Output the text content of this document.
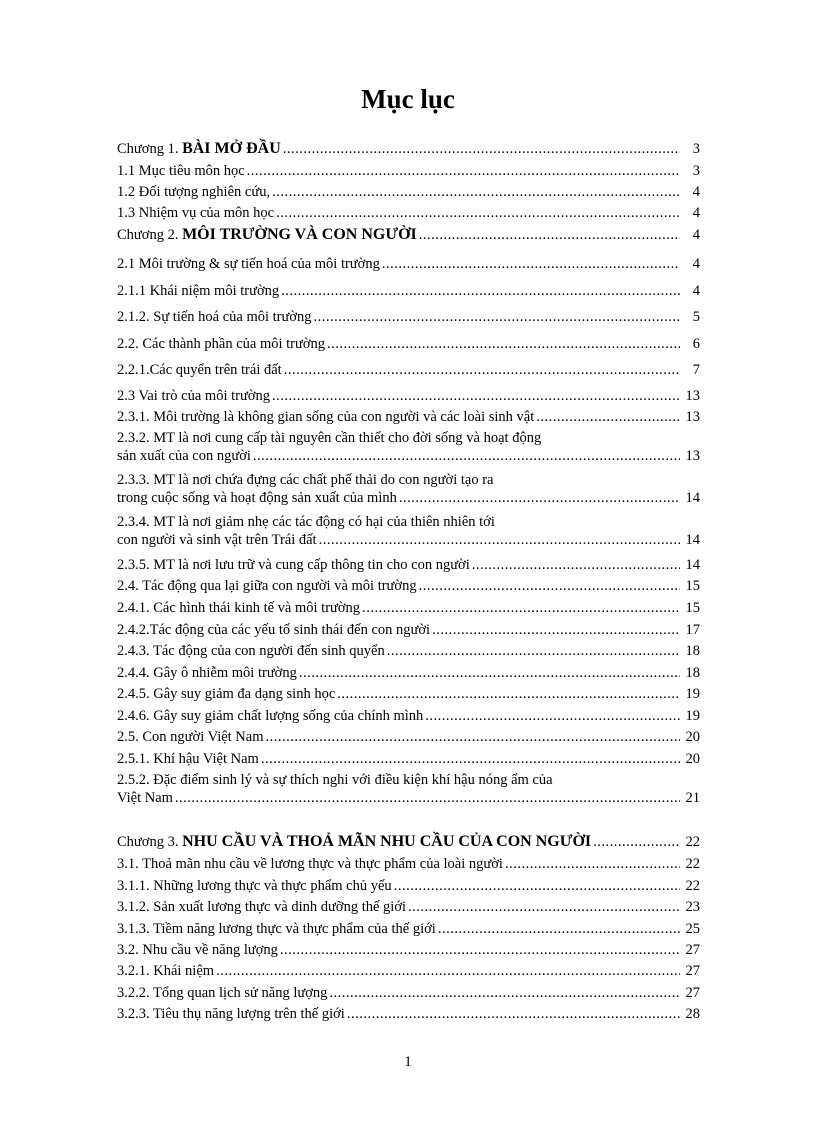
Mục lục
Chương 1. BÀI MỞ ĐẦU .....	3
1.1 Mục tiêu môn học .....	3
1.2 Đối tượng nghiên cứu, .....	4
1.3 Nhiệm vụ của môn học .....	4
Chương 2. MÔI TRƯỜNG VÀ CON NGƯỜI .....	4
2.1 Môi trường & sự tiến hoá của môi trường .....	4
2.1.1 Khái niệm môi trường .....	4
2.1.2. Sự tiến hoá của môi trường .....	5
2.2. Các thành phần của môi trường .....	6
2.2.1.Các quyển trên trái đất .....	7
2.3 Vai trò của môi trường .....	13
2.3.1. Môi trường là không gian sống của con người và các loài sinh vật .....	13
2.3.2. MT là nơi cung cấp tài nguyên cần thiết cho đời sống và hoạt động
sản xuất của con người .....	13
2.3.3. MT là nơi chứa đựng các chất phế thải do con người tạo ra
trong cuộc sống và hoạt động sản xuất của mình .....	14
2.3.4. MT là nơi giảm nhẹ các tác động có hại của thiên nhiên tới
con người và sinh vật trên Trái đất .....	14
2.3.5. MT là nơi lưu trữ và cung cấp thông tin cho con người .....	14
2.4. Tác động qua lại giữa con người và môi trường .....	15
2.4.1. Các hình thái kinh tế và môi trường .....	15
2.4.2.Tác động của các yếu tố sinh thái đến con người .....	17
2.4.3. Tác động của con người đến sinh quyển .....	18
2.4.4. Gây ô nhiễm môi trường .....	18
2.4.5. Gây suy giảm đa dạng sinh học .....	19
2.4.6. Gây suy giảm chất lượng sống của chính mình .....	19
2.5. Con người Việt Nam .....	20
2.5.1. Khí hậu Việt Nam .....	20
2.5.2. Đặc điểm sinh lý và sự thích nghi với điều kiện khí hậu nóng ẩm của
Việt Nam .....	21
Chương 3. NHU CẦU VÀ THOẢ MÃN NHU CẦU CỦA CON NGƯỜI .....	22
3.1. Thoả mãn nhu cầu về lương thực và thực phẩm của loài người .....	22
3.1.1. Những lương thực và thực phẩm chủ yếu .....	22
3.1.2. Sản xuất lương thực và dinh dưỡng thế giới .....	23
3.1.3. Tiềm năng lương thực và thực phẩm của thế giới .....	25
3.2. Nhu cầu về năng lượng .....	27
3.2.1. Khái niệm .....	27
3.2.2. Tổng quan lịch sử năng lượng .....	27
3.2.3. Tiêu thụ năng lượng trên thế giới .....	28
1
